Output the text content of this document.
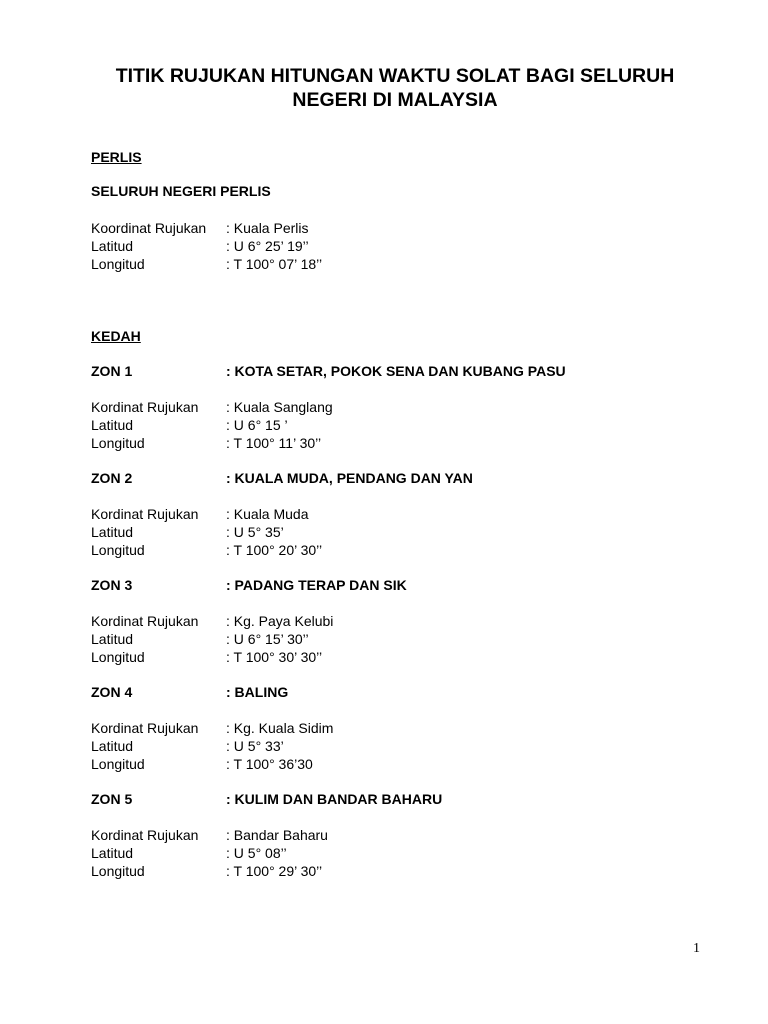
TITIK RUJUKAN HITUNGAN WAKTU SOLAT BAGI SELURUH
NEGERI DI MALAYSIA
PERLIS
SELURUH NEGERI PERLIS
Koordinat Rujukan : Kuala Perlis
Latitud	: U 6° 25’ 19’’
Longitud	: T 100° 07’ 18’’
KEDAH
ZON 1	: KOTA SETAR, POKOK SENA DAN KUBANG PASU
Kordinat Rujukan : Kuala Sanglang
Latitud	: U 6° 15 ’
Longitud	: T 100° 11’ 30’’
ZON 2	: KUALA MUDA, PENDANG DAN YAN
Kordinat Rujukan : Kuala Muda
Latitud	: U 5° 35’
Longitud	: T 100° 20’ 30’’
ZON 3	: PADANG TERAP DAN SIK
Kordinat Rujukan : Kg. Paya Kelubi
Latitud	: U 6° 15’ 30’’
Longitud	: T 100° 30’ 30’’
ZON 4	: BALING
Kordinat Rujukan : Kg. Kuala Sidim
Latitud	: U 5° 33’
Longitud	: T 100° 36’30
ZON 5	: KULIM DAN BANDAR BAHARU
Kordinat Rujukan : Bandar Baharu
Latitud	: U 5° 08’’
Longitud	: T 100° 29’ 30’’
1
